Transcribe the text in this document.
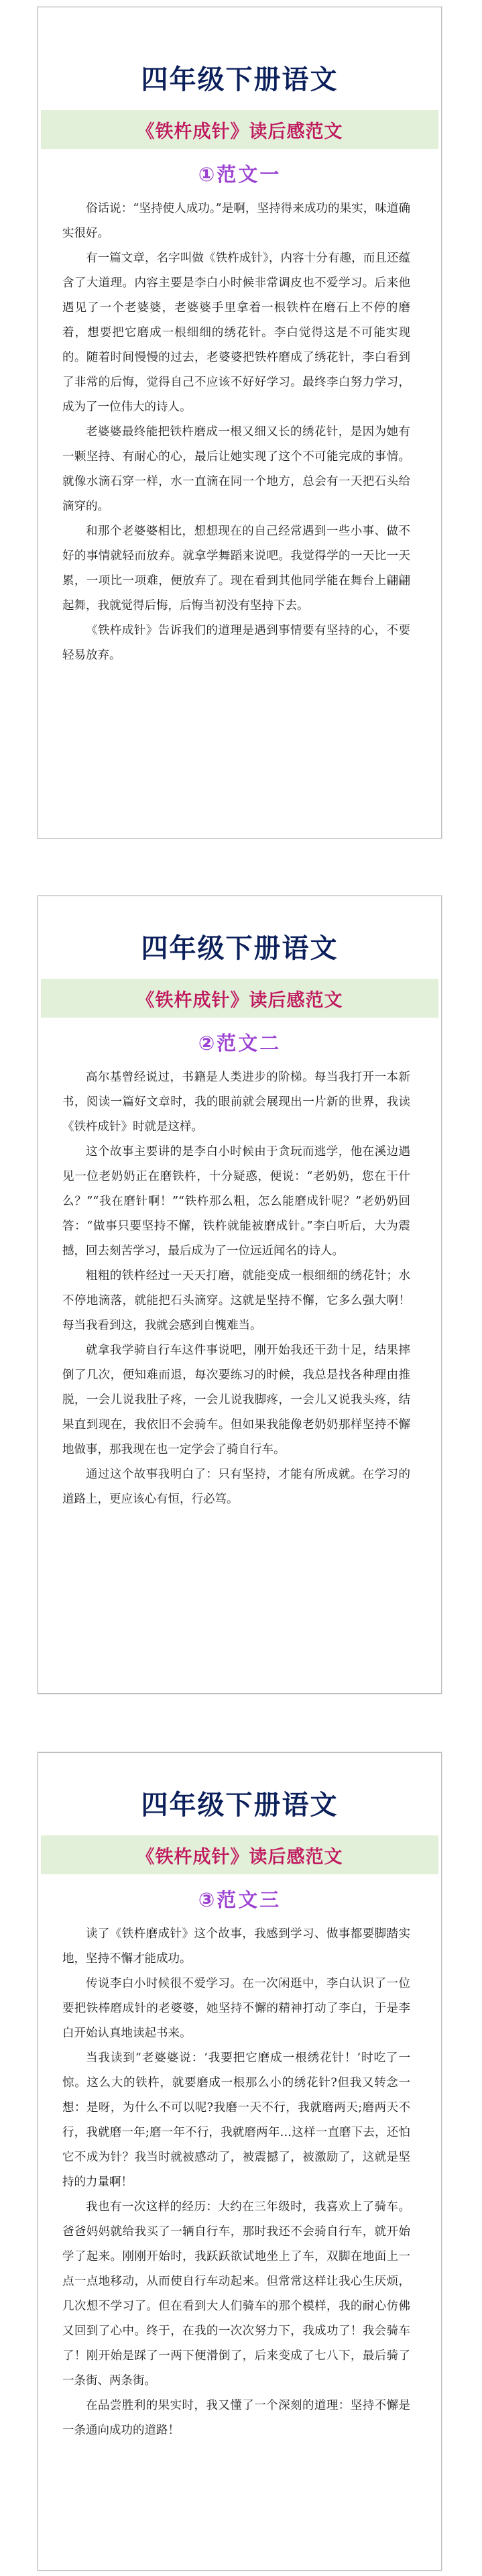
四年级下册语文
《铁杵成针》读后感范文
①范文一

俗话说：“坚持使人成功。”是啊，坚持得来成功的果实，味道确实很好。

有一篇文章，名字叫做《铁杵成针》，内容十分有趣，而且还蕴含了大道理。内容主要是李白小时候非常调皮也不爱学习。后来他遇见了一个老婆婆，老婆婆手里拿着一根铁杵在磨石上不停的磨着，想要把它磨成一根细细的绣花针。李白觉得这是不可能实现的。随着时间慢慢的过去，老婆婆把铁杵磨成了绣花针，李白看到了非常的后悔，觉得自己不应该不好好学习。最终李白努力学习，成为了一位伟大的诗人。

老婆婆最终能把铁杵磨成一根又细又长的绣花针，是因为她有一颗坚持、有耐心的心，最后让她实现了这个不可能完成的事情。就像水滴石穿一样，水一直滴在同一个地方，总会有一天把石头给滴穿的。

和那个老婆婆相比，想想现在的自己经常遇到一些小事、做不好的事情就轻而放弃。就拿学舞蹈来说吧。我觉得学的一天比一天累，一项比一项难，便放弃了。现在看到其他同学能在舞台上翩翩起舞，我就觉得后悔，后悔当初没有坚持下去。

《铁杵成针》告诉我们的道理是遇到事情要有坚持的心，不要轻易放弃。

四年级下册语文
《铁杵成针》读后感范文
②范文二

高尔基曾经说过，书籍是人类进步的阶梯。每当我打开一本新书，阅读一篇好文章时，我的眼前就会展现出一片新的世界，我读《铁杵成针》时就是这样。

这个故事主要讲的是李白小时候由于贪玩而逃学，他在溪边遇见一位老奶奶正在磨铁杵，十分疑惑，便说：“老奶奶，您在干什么？”“我在磨针啊！”“铁杵那么粗，怎么能磨成针呢？”老奶奶回答：“做事只要坚持不懈，铁杵就能被磨成针。”李白听后，大为震撼，回去刻苦学习，最后成为了一位远近闻名的诗人。

粗粗的铁杵经过一天天打磨，就能变成一根细细的绣花针；水不停地滴落，就能把石头滴穿。这就是坚持不懈，它多么强大啊！每当我看到这，我就会感到自愧难当。

就拿我学骑自行车这件事说吧，刚开始我还干劲十足，结果摔倒了几次，便知难而退，每次要练习的时候，我总是找各种理由推脱，一会儿说我肚子疼，一会儿说我脚疼，一会儿又说我头疼，结果直到现在，我依旧不会骑车。但如果我能像老奶奶那样坚持不懈地做事，那我现在也一定学会了骑自行车。

通过这个故事我明白了：只有坚持，才能有所成就。在学习的道路上，更应该心有恒，行必笃。

四年级下册语文
《铁杵成针》读后感范文
③范文三

读了《铁杵磨成针》这个故事，我感到学习、做事都要脚踏实地，坚持不懈才能成功。

传说李白小时候很不爱学习。在一次闲逛中，李白认识了一位要把铁棒磨成针的老婆婆，她坚持不懈的精神打动了李白，于是李白开始认真地读起书来。

当我读到“老婆婆说：‘我要把它磨成一根绣花针！’时吃了一惊。这么大的铁杵，就要磨成一根那么小的绣花针?但我又转念一想：是呀，为什么不可以呢?我磨一天不行，我就磨两天;磨两天不行，我就磨一年;磨一年不行，我就磨两年…这样一直磨下去，还怕它不成为针？我当时就被感动了，被震撼了，被激励了，这就是坚持的力量啊！

我也有一次这样的经历：大约在三年级时，我喜欢上了骑车。爸爸妈妈就给我买了一辆自行车，那时我还不会骑自行车，就开始学了起来。刚刚开始时，我跃跃欲试地坐上了车，双脚在地面上一点一点地移动，从而使自行车动起来。但常常这样让我心生厌烦，几次想不学习了。但在看到大人们骑车的那个模样，我的耐心仿佛又回到了心中。终于，在我的一次次努力下，我成功了！我会骑车了！刚开始是踩了一两下便滑倒了，后来变成了七八下，最后骑了一条街、两条街。

在品尝胜利的果实时，我又懂了一个深刻的道理：坚持不懈是一条通向成功的道路！
